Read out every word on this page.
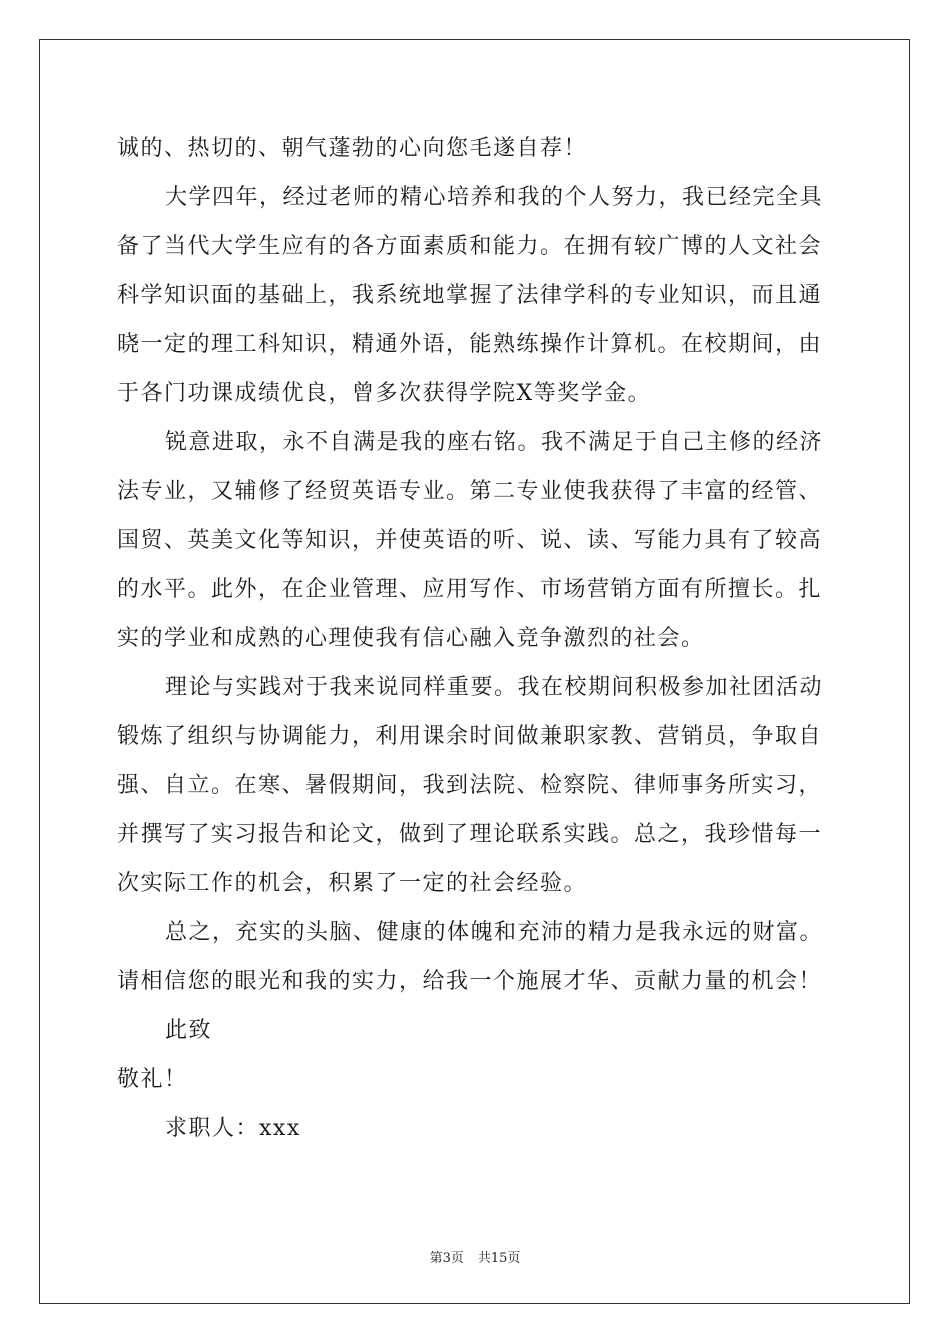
诚的、热切的、朝气蓬勃的心向您毛遂自荐！
大学四年，经过老师的精心培养和我的个人努力，我已经完全具
备了当代大学生应有的各方面素质和能力。在拥有较广博的人文社会
科学知识面的基础上，我系统地掌握了法律学科的专业知识，而且通
晓一定的理工科知识，精通外语，能熟练操作计算机。在校期间，由
于各门功课成绩优良，曾多次获得学院X等奖学金。
锐意进取，永不自满是我的座右铭。我不满足于自己主修的经济
法专业，又辅修了经贸英语专业。第二专业使我获得了丰富的经管、
国贸、英美文化等知识，并使英语的听、说、读、写能力具有了较高
的水平。此外，在企业管理、应用写作、市场营销方面有所擅长。扎
实的学业和成熟的心理使我有信心融入竞争激烈的社会。
理论与实践对于我来说同样重要。我在校期间积极参加社团活动
锻炼了组织与协调能力，利用课余时间做兼职家教、营销员，争取自
强、自立。在寒、暑假期间，我到法院、检察院、律师事务所实习，
并撰写了实习报告和论文，做到了理论联系实践。总之，我珍惜每一
次实际工作的机会，积累了一定的社会经验。
总之，充实的头脑、健康的体魄和充沛的精力是我永远的财富。
请相信您的眼光和我的实力，给我一个施展才华、贡献力量的机会！
此致
敬礼！
求职人：xxx
第3页 共15页
